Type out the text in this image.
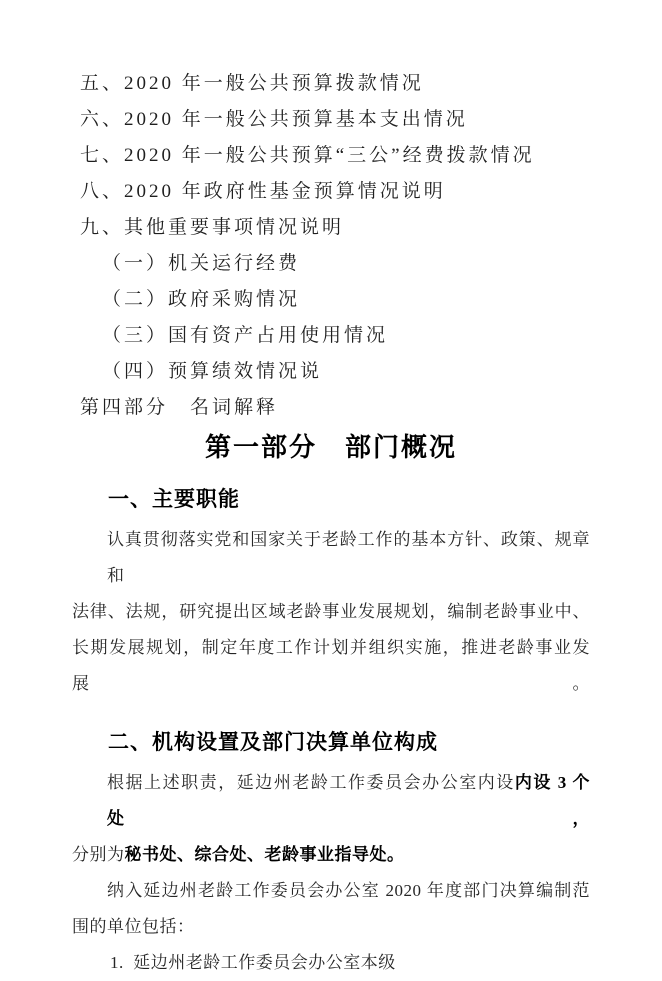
五、2020 年一般公共预算拨款情况
六、2020 年一般公共预算基本支出情况
七、2020 年一般公共预算“三公”经费拨款情况
八、2020 年政府性基金预算情况说明
九、其他重要事项情况说明
（一）机关运行经费
（二）政府采购情况
（三）国有资产占用使用情况
（四）预算绩效情况说
第四部分　名词解释
第一部分　部门概况
一、主要职能
认真贯彻落实党和国家关于老龄工作的基本方针、政策、规章和
法律、法规，研究提出区域老龄事业发展规划，编制老龄事业中、
长期发展规划，制定年度工作计划并组织实施，推进老龄事业发展。
二、机构设置及部门决算单位构成
根据上述职责，延边州老龄工作委员会办公室内设内设 3 个处，
分别为秘书处、综合处、老龄事业指导处。
纳入延边州老龄工作委员会办公室 2020 年度部门决算编制范
围的单位包括：
1.  延边州老龄工作委员会办公室本级
